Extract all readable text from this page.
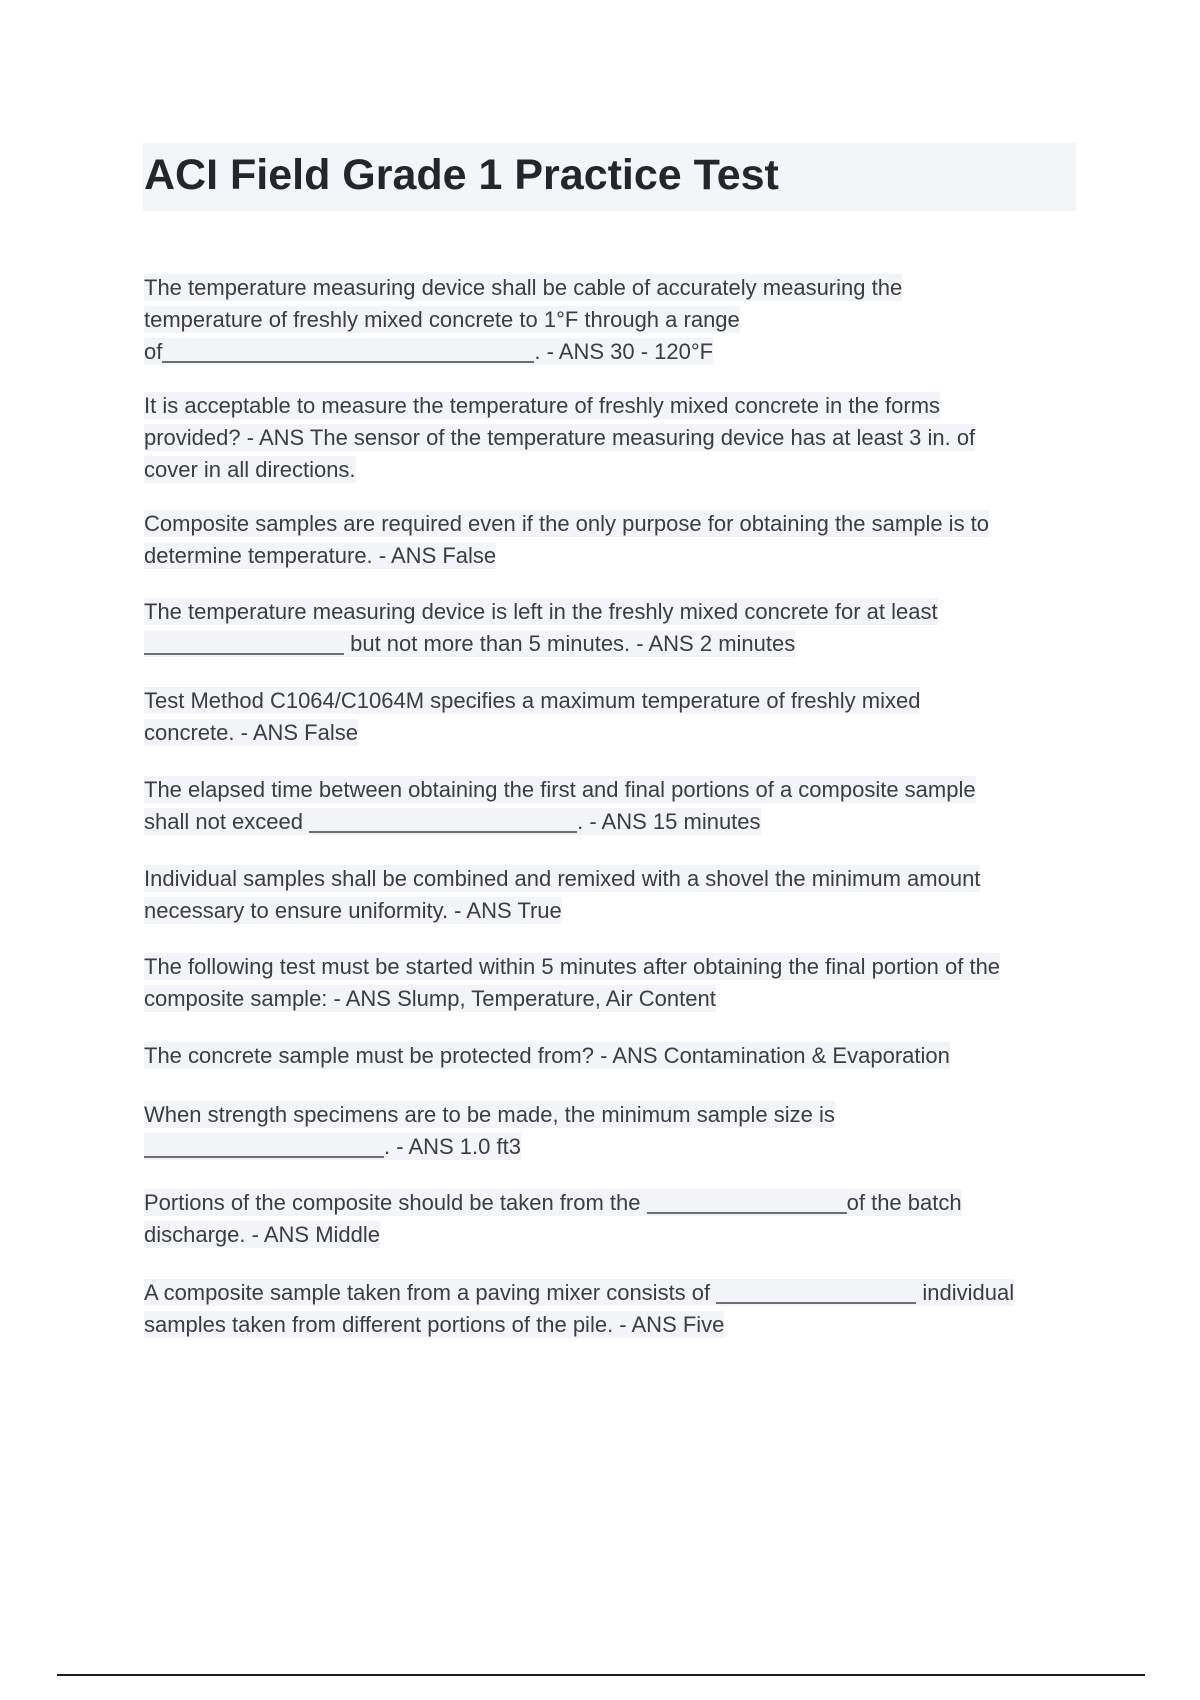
ACI Field Grade 1 Practice Test
The temperature measuring device shall be cable of accurately measuring the
temperature of freshly mixed concrete to 1°F through a range
of	. - ANS 30 - 120°F
It is acceptable to measure the temperature of freshly mixed concrete in the forms
provided? - ANS The sensor of the temperature measuring device has at least 3 in. of
cover in all directions.
Composite samples are required even if the only purpose for obtaining the sample is to
determine temperature. - ANS False
The temperature measuring device is left in the freshly mixed concrete for at least
but not more than 5 minutes. - ANS 2 minutes
Test Method C1064/C1064M specifies a maximum temperature of freshly mixed
concrete. - ANS False
The elapsed time between obtaining the first and final portions of a composite sample
shall not exceed	. - ANS 15 minutes
Individual samples shall be combined and remixed with a shovel the minimum amount
necessary to ensure uniformity. - ANS True
The following test must be started within 5 minutes after obtaining the final portion of the
composite sample: - ANS Slump, Temperature, Air Content
The concrete sample must be protected from? - ANS Contamination & Evaporation
When strength specimens are to be made, the minimum sample size is
. - ANS 1.0 ft3
Portions of the composite should be taken from the	of the batch
discharge. - ANS Middle
A composite sample taken from a paving mixer consists of	individual
samples taken from different portions of the pile. - ANS Five
